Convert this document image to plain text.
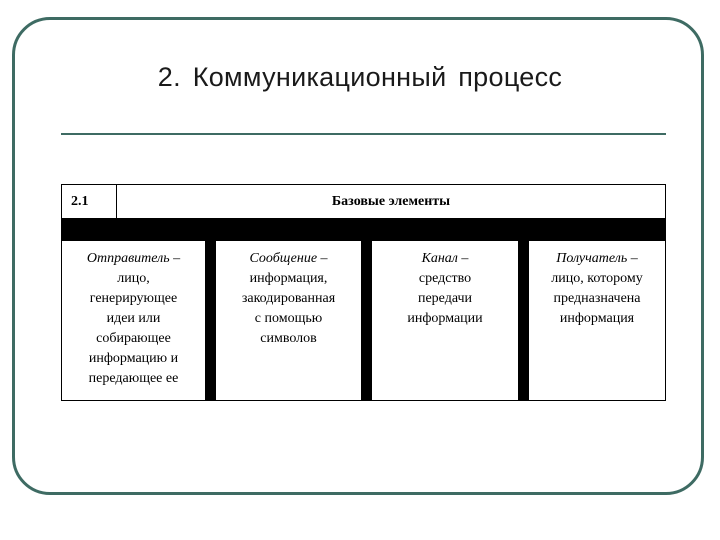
2. Коммуникационный процесс
2.1	Базовые элементы
Отправитель –
лицо,
генерирующее
идеи или
собирающее
информацию и
передающее ее
Сообщение –
информация,
закодированная
с помощью
символов
Канал –
средство
передачи
информации
Получатель –
лицо, которому
предназначена
информация
